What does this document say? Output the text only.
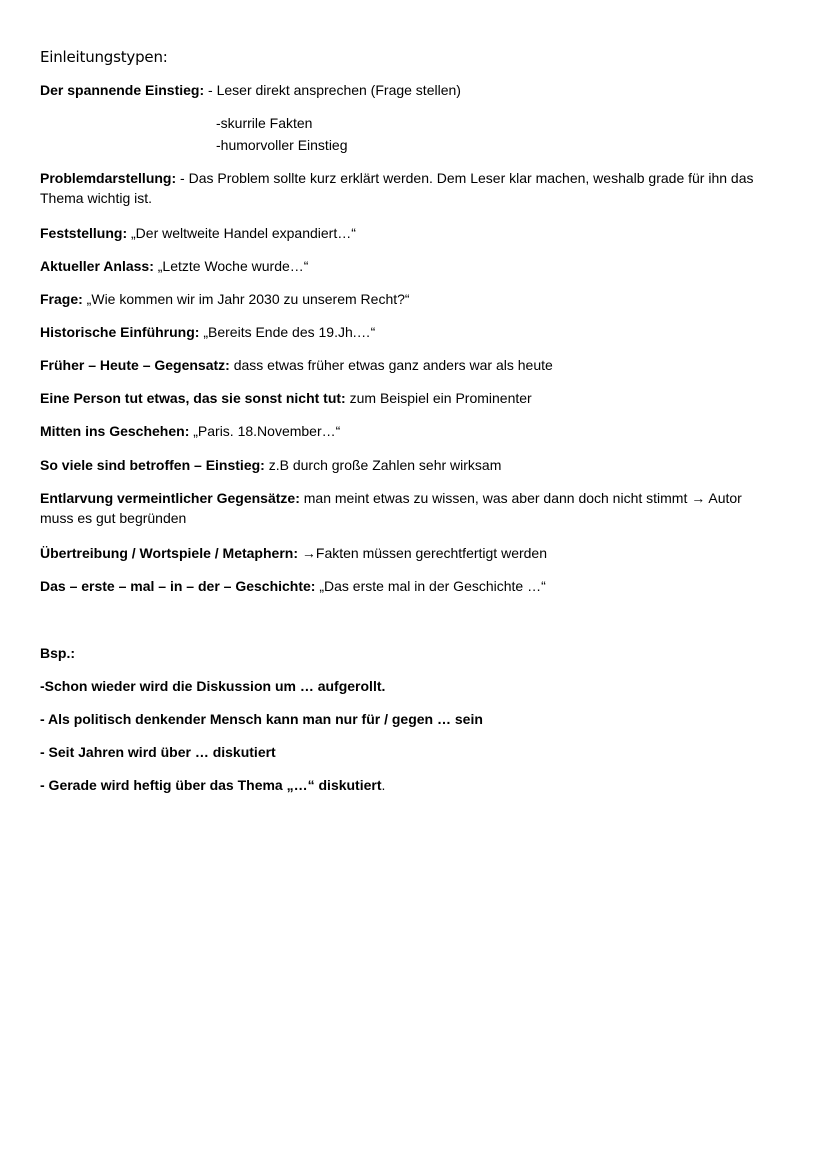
Einleitungstypen:
Der spannende Einstieg: - Leser direkt ansprechen (Frage stellen)
-skurrile Fakten
-humorvoller Einstieg
Problemdarstellung: - Das Problem sollte kurz erklärt werden. Dem Leser klar machen, weshalb grade für ihn das Thema wichtig ist.
Feststellung: „Der weltweite Handel expandiert…“
Aktueller Anlass: „Letzte Woche wurde…“
Frage: „Wie kommen wir im Jahr 2030 zu unserem Recht?“
Historische Einführung: „Bereits Ende des 19.Jh.…“
Früher – Heute – Gegensatz: dass etwas früher etwas ganz anders war als heute
Eine Person tut etwas, das sie sonst nicht tut: zum Beispiel ein Prominenter
Mitten ins Geschehen: „Paris. 18.November…“
So viele sind betroffen – Einstieg: z.B durch große Zahlen sehr wirksam
Entlarvung vermeintlicher Gegensätze: man meint etwas zu wissen, was aber dann doch nicht stimmt → Autor muss es gut begründen
Übertreibung / Wortspiele / Metaphern: →Fakten müssen gerechtfertigt werden
Das – erste – mal – in – der – Geschichte: „Das erste mal in der Geschichte …“
Bsp.:
-Schon wieder wird die Diskussion um … aufgerollt.
- Als politisch denkender Mensch kann man nur für / gegen … sein
- Seit Jahren wird über … diskutiert
- Gerade wird heftig über das Thema „…“ diskutiert.
